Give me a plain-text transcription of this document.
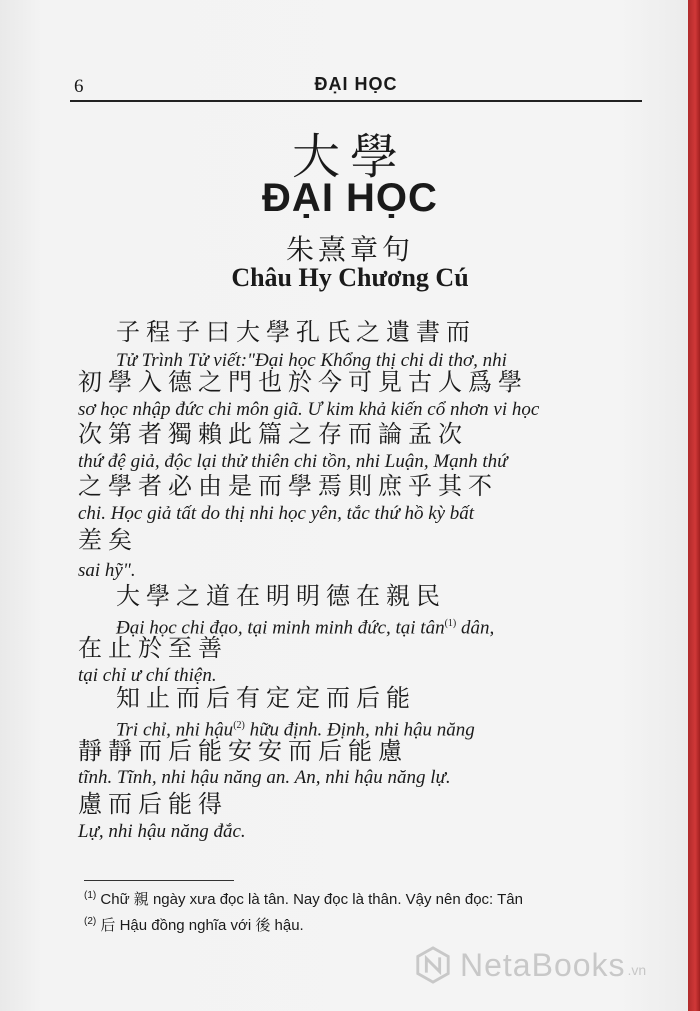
6	ĐẠI HỌC
大學
ĐẠI HỌC
朱熹章句
Châu Hy Chương Cú
子程子曰大學孔氏之遺書而
Tử Trình Tử viết:"Đại học Khổng thị chi di thơ, nhi
初學入德之門也於今可見古人爲學
sơ học nhập đức chi môn giã. Ư kim khả kiến cổ nhơn vi học
次第者獨賴此篇之存而論孟次
thứ đệ giả, độc lại thử thiên chi tồn, nhi Luận, Mạnh thứ
之學者必由是而學焉則庶乎其不
chi. Học giả tất do thị nhi học yên, tắc thứ hồ kỳ bất
差矣
sai hỹ".
大學之道在明明德在親民
Đại học chi đạo, tại minh minh đức, tại tân$^{(1)}$ dân,
在止於至善
tại chỉ ư chí thiện.
知止而后有定定而后能
Tri chỉ, nhi hậu$^{(2)}$ hữu định. Định, nhi hậu năng
靜靜而后能安安而后能慮
tĩnh. Tĩnh, nhi hậu năng an. An, nhi hậu năng lự.
慮而后能得
Lự, nhi hậu năng đắc.
$^{(1)}$ Chữ 親 ngày xưa đọc là tân. Nay đọc là thân. Vậy nên đọc: Tân
$^{(2)}$ 后 Hậu đồng nghĩa với 後 hậu.
NetaBooks .vn
